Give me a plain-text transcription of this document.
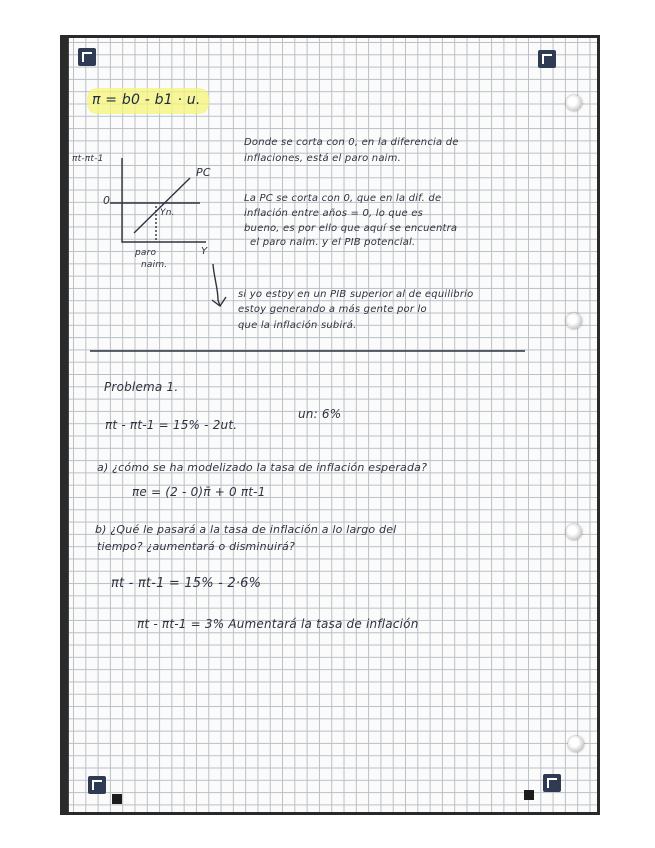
π = b0 - b1 · u.
πt-πt-1
0
PC
Yn.
Y
paro
naim.
Donde se corta con 0, en la diferencia de
inflaciones, está el paro naim.
La PC se corta con 0, que en la dif. de
inflación entre años = 0, lo que es
bueno, es por ello que aquí se encuentra
el paro naim. y el PIB potencial.
si yo estoy en un PIB superior al de equilibrio
estoy generando a más gente por lo
que la inflación subirá.
Problema 1.
πt - πt-1 = 15% - 2ut.
un: 6%
a) ¿cómo se ha modelizado la tasa de inflación esperada?
πe = (2 - 0)π̄ + 0 πt-1
b) ¿Qué le pasará a la tasa de inflación a lo largo del
tiempo? ¿aumentará o disminuirá?
πt - πt-1 = 15% - 2·6%
πt - πt-1 = 3% Aumentará la tasa de inflación
